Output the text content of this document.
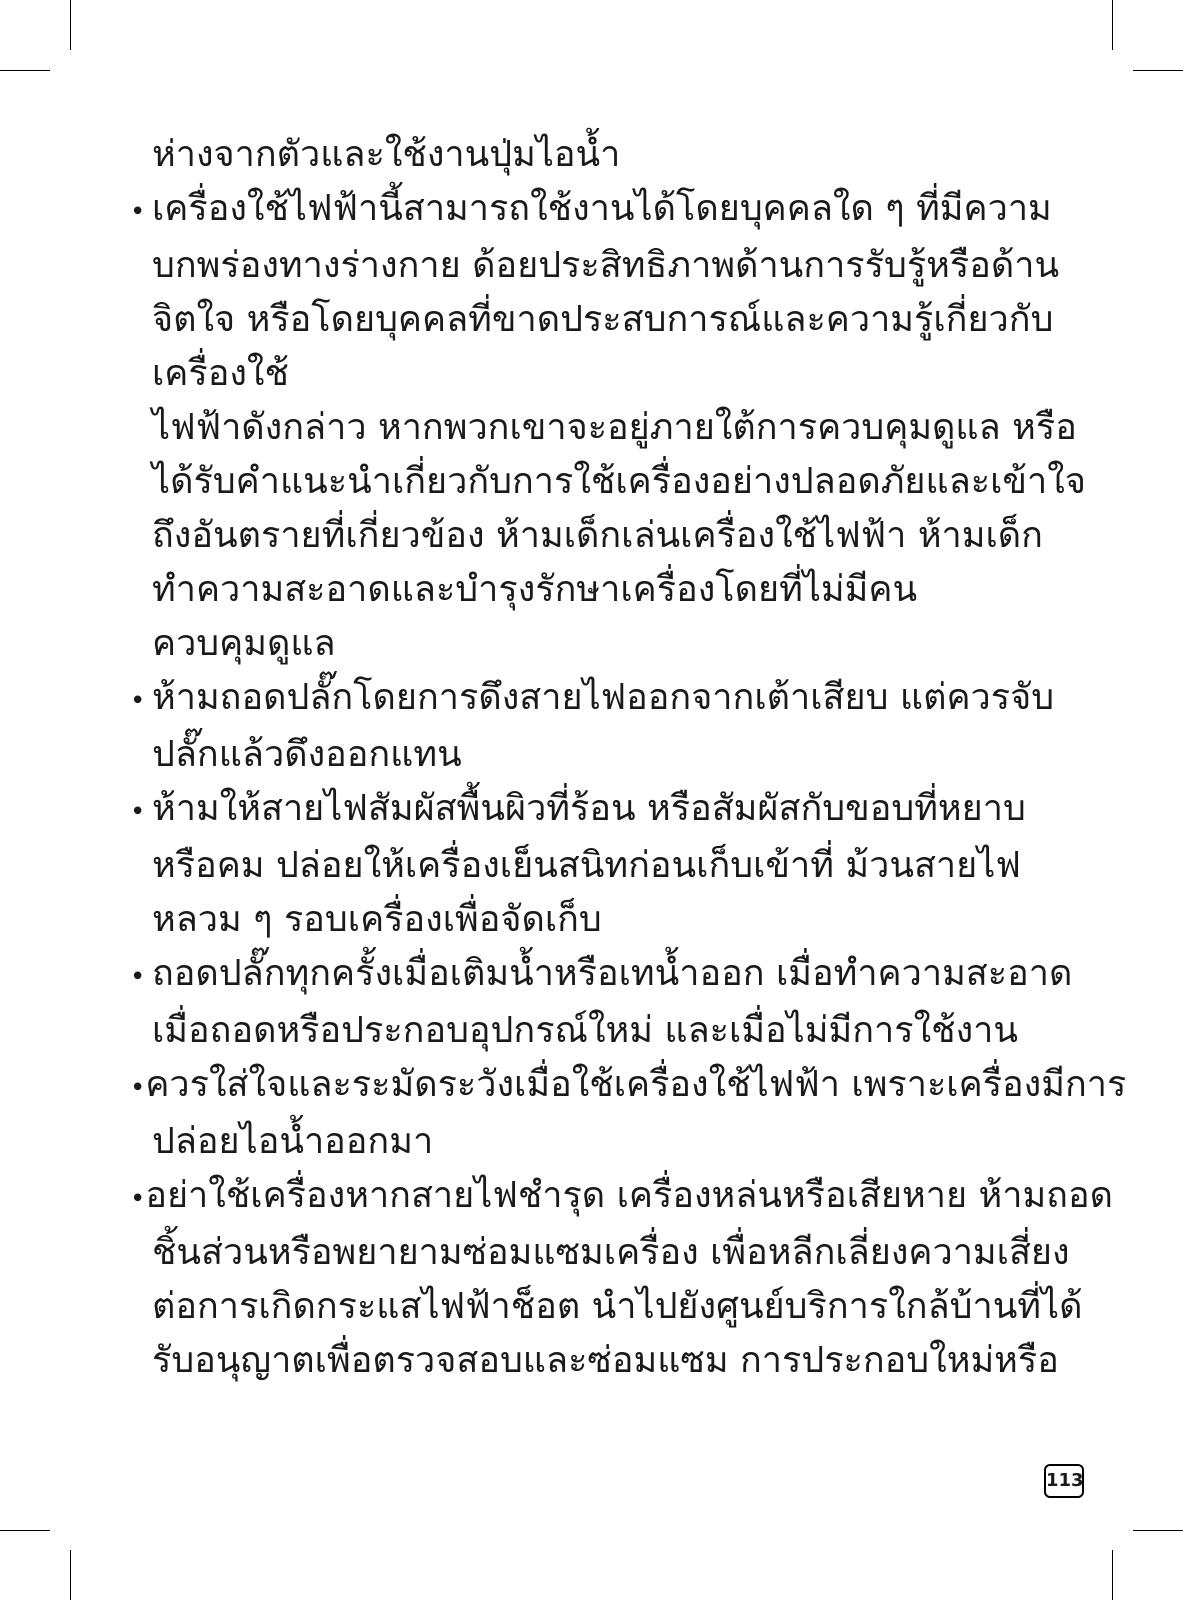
ห่างจากตัวและใช้งานปุ่มไอน้ำ
• เครื่องใช้ไฟฟ้านี้สามารถใช้งานได้โดยบุคคลใด ๆ ที่มีความ
บกพร่องทางร่างกาย ด้อยประสิทธิภาพด้านการรับรู้หรือด้าน
จิตใจ หรือโดยบุคคลที่ขาดประสบการณ์และความรู้เกี่ยวกับ
เครื่องใช้
ไฟฟ้าดังกล่าว หากพวกเขาจะอยู่ภายใต้การควบคุมดูแล หรือ
ได้รับคำแนะนำเกี่ยวกับการใช้เครื่องอย่างปลอดภัยและเข้าใจ
ถึงอันตรายที่เกี่ยวข้อง ห้ามเด็กเล่นเครื่องใช้ไฟฟ้า ห้ามเด็ก
ทำความสะอาดและบำรุงรักษาเครื่องโดยที่ไม่มีคน
ควบคุมดูแล
• ห้ามถอดปลั๊กโดยการดึงสายไฟออกจากเต้าเสียบ แต่ควรจับ
ปลั๊กแล้วดึงออกแทน
• ห้ามให้สายไฟสัมผัสพื้นผิวที่ร้อน หรือสัมผัสกับขอบที่หยาบ
หรือคม ปล่อยให้เครื่องเย็นสนิทก่อนเก็บเข้าที่ ม้วนสายไฟ
หลวม ๆ รอบเครื่องเพื่อจัดเก็บ
• ถอดปลั๊กทุกครั้งเมื่อเติมน้ำหรือเทน้ำออก เมื่อทำความสะอาด
เมื่อถอดหรือประกอบอุปกรณ์ใหม่ และเมื่อไม่มีการใช้งาน
• ควรใส่ใจและระมัดระวังเมื่อใช้เครื่องใช้ไฟฟ้า เพราะเครื่องมีการ
ปล่อยไอน้ำออกมา
• อย่าใช้เครื่องหากสายไฟชำรุด เครื่องหล่นหรือเสียหาย ห้ามถอด
ชิ้นส่วนหรือพยายามซ่อมแซมเครื่อง เพื่อหลีกเลี่ยงความเสี่ยง
ต่อการเกิดกระแสไฟฟ้าช็อต นำไปยังศูนย์บริการใกล้บ้านที่ได้
รับอนุญาตเพื่อตรวจสอบและซ่อมแซม การประกอบใหม่หรือ
113
